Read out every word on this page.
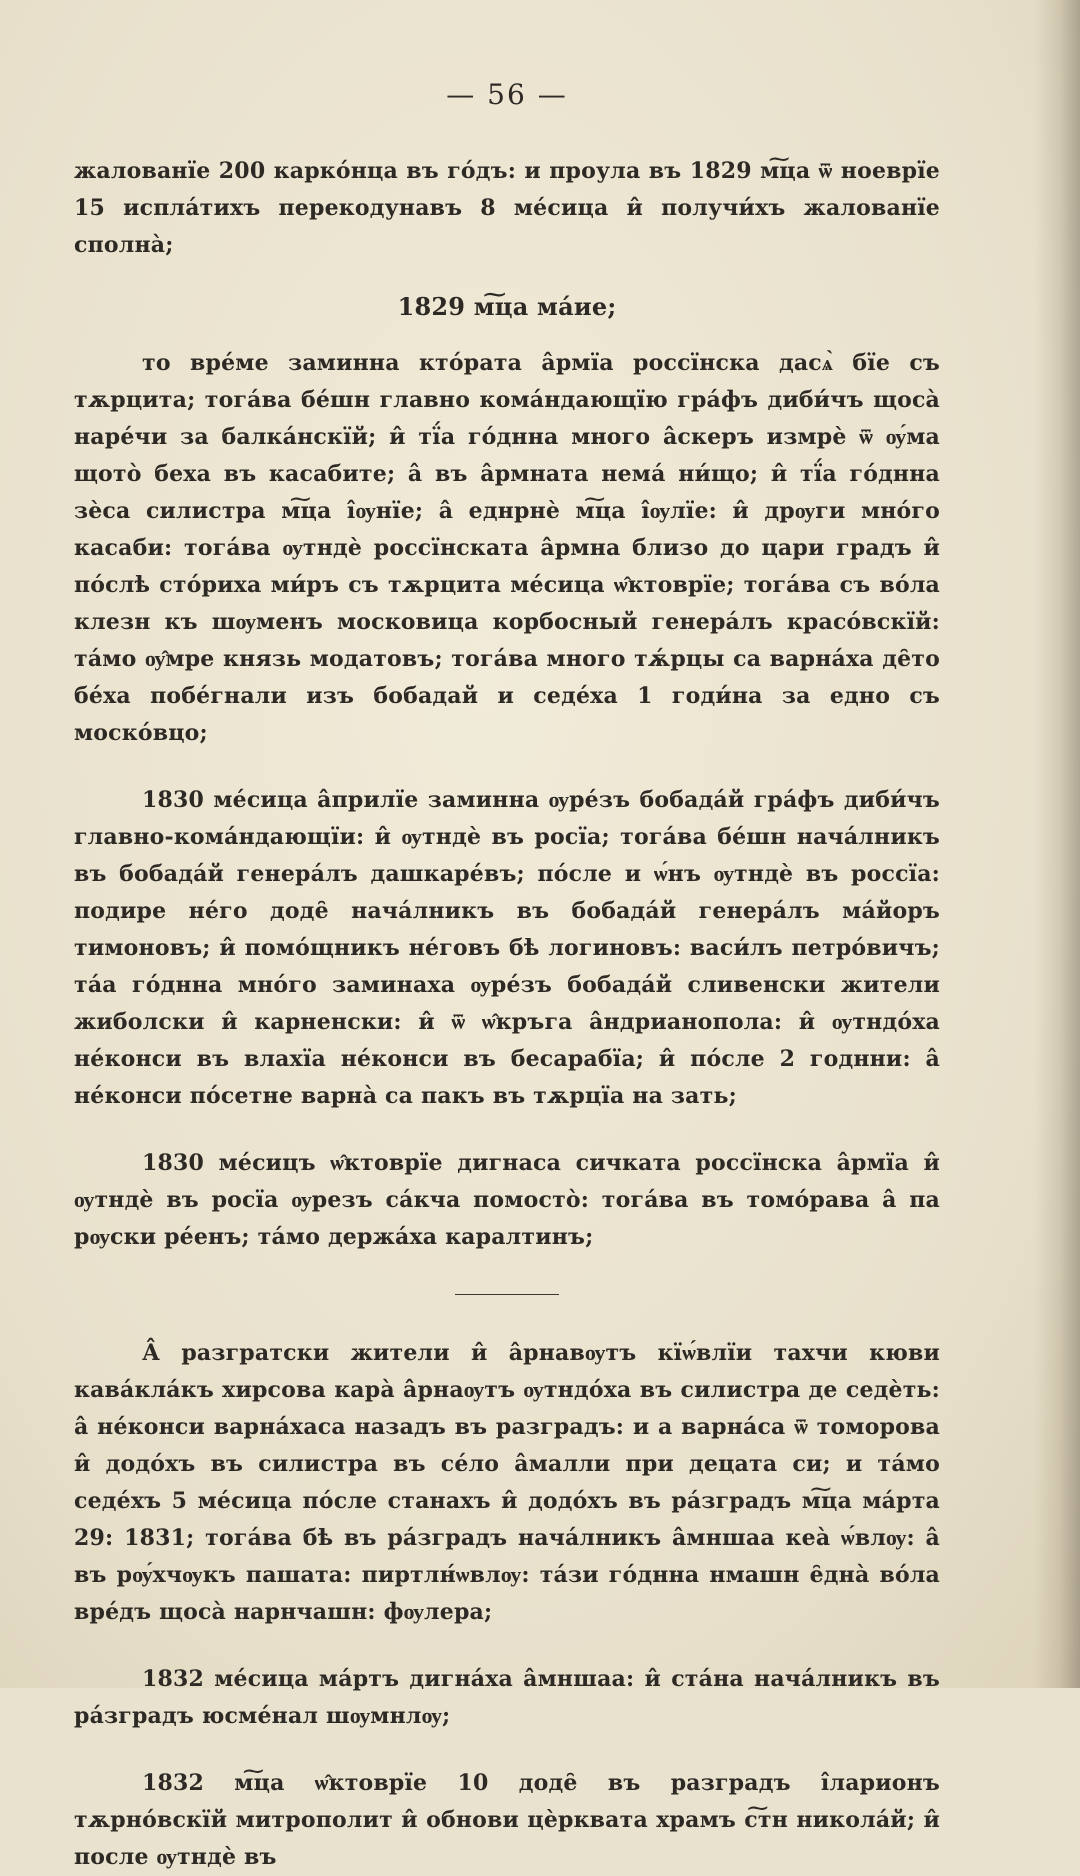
— 56 —

жалованїе 200 карко́нца въ го́дъ: и проула въ 1829 м͠ца ѿ ноеврїе 15 испла́тихъ перекодунавъ 8 ме́сица и̂ получи́хъ жалованїе сполна̀;

1829 м͠ца ма́ие;

то вре́ме заминна кто́рата а̂рмїа россїнска дасѧ̀ бїе съ тѫрцита; тога́ва бе́шн главно кома́ндающїю гра́фъ диби́чъ щоса̀ наре́чи за балка́нскїй; и̂ тї́а го́днна много а̂скеръ измрѐ ѿ ѹ́ма щото̀ беха въ касабите; а̂ въ а̂рмната нема́ ни́що; и̂ тї́а го́днна зѐса силистра м͠ца і̂ѹнїе; а̂ еднрнѐ м͠ца і̂ѹлїе: и̂ дрѹги мно́го касаби: тога́ва ѹтндѐ россїнската а̂рмна близо до цари градъ и̂ по́слѣ сто́риха ми́ръ съ тѫрцита ме́сица ѡ̂ктоврїе; тога́ва съ во́ла клезн къ шѹменъ московица корбосный генера́лъ красо́вскїй: та́мо ѹ̂мре князь модатовъ; тога́ва много тѫ́рцы са варна́ха де̑то бе́ха побе́гнали изъ бобадай и седе́ха 1 годи́на за едно съ моско́вцо;

1830 ме́сица а̂прилїе заминна ѹре́зъ бобада́й гра́фъ диби́чъ главно-кома́ндающїи: и̂ ѹтндѐ въ росїа; тога́ва бе́шн нача́лникъ въ бобада́й генера́лъ дашкаре́въ; по́сле и ѡ́нъ ѹтндѐ въ россїа: подире не́го доде̑ нача́лникъ въ бобада́й генера́лъ ма́йоръ тимоновъ; и̂ помо́щникъ не́говъ бѣ логиновъ: васи́лъ петро́вичъ; та́а го́днна мно́го заминаха ѹре́зъ бобада́й сливенски жители жиболски и̂ карненски: и̂ ѿ ѡ̂кръга а̂ндрианопола: и̂ ѹтндо́ха не́конси въ влахїа не́конси въ бесарабїа; и̂ по́сле 2 годнни: а̂ не́конси по́сетне варна̀ са пакъ въ тѫрцїа на зать;

1830 ме́сицъ ѡ̂ктоврїе дигнаса сичката россїнска а̂рмїа и̂ ѹтндѐ въ росїа ѹрезъ са́кча помосто̀: тога́ва въ томо́рава а̂ па рѹски ре́енъ; та́мо держа́ха каралтинъ;

А̂ разгратски жители и̂ а̂рнавѹтъ кїѡ́влїи тахчи кюви кава́кла́къ хирсова кара̀ а̂рнаѹтъ ѹтндо́ха въ силистра де седѐть: а̂ не́конси варна́хаса назадъ въ разградъ: и а варна́са ѿ томорова и̂ додо́хъ въ силистра въ се́ло а̂малли при децата си; и та́мо седе́хъ 5 ме́сица по́сле станахъ и̂ додо́хъ въ ра́зградъ м͠ца ма́рта 29: 1831; тога́ва бѣ въ ра́зградъ нача́лникъ а̂мншаа кеа̀ ѡ́влѹ: а̂ въ рѹ́хчѹкъ пашата: пиртлн́ѡвлѹ: та́зи го́днна нмашн е̑дна̀ во́ла вре́дъ щоса̀ нарнчашн: фѹлера;

1832 ме́сица ма́ртъ дигна́ха а̂мншаа: и̂ ста́на нача́лникъ въ ра́зградъ юсме́нал шѹмнлѹ;

1832 м͠ца ѡ̂ктоврїе 10 доде̑ въ разградъ і̂ларионъ тѫрно́вскїй митрополит и̂ обнови цѐрквата храмъ с͠тн никола́й; и̂ после ѹтндѐ въ
